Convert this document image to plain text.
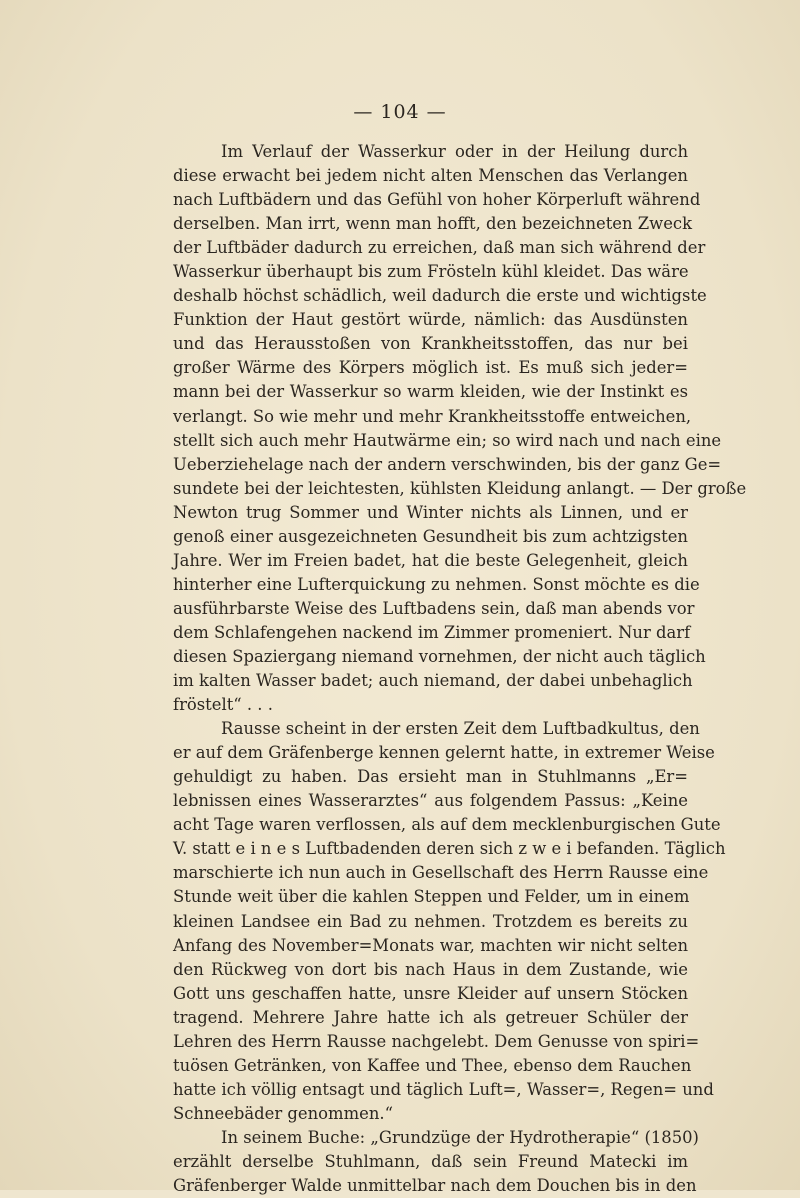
— 104 —
Im Verlauf der Wasserkur oder in der Heilung durch
diese erwacht bei jedem nicht alten Menschen das Verlangen
nach Luftbädern und das Gefühl von hoher Körperluft während
derselben. Man irrt, wenn man hofft, den bezeichneten Zweck
der Luftbäder dadurch zu erreichen, daß man sich während der
Wasserkur überhaupt bis zum Frösteln kühl kleidet. Das wäre
deshalb höchst schädlich, weil dadurch die erste und wichtigste
Funktion der Haut gestört würde, nämlich: das Ausdünsten
und das Herausstoßen von Krankheitsstoffen, das nur bei
großer Wärme des Körpers möglich ist. Es muß sich jeder=
mann bei der Wasserkur so warm kleiden, wie der Instinkt es
verlangt. So wie mehr und mehr Krankheitsstoffe entweichen,
stellt sich auch mehr Hautwärme ein; so wird nach und nach eine
Ueberziehelage nach der andern verschwinden, bis der ganz Ge=
sundete bei der leichtesten, kühlsten Kleidung anlangt. — Der große
Newton trug Sommer und Winter nichts als Linnen, und er
genoß einer ausgezeichneten Gesundheit bis zum achtzigsten
Jahre. Wer im Freien badet, hat die beste Gelegenheit, gleich
hinterher eine Lufterquickung zu nehmen. Sonst möchte es die
ausführbarste Weise des Luftbadens sein, daß man abends vor
dem Schlafengehen nackend im Zimmer promeniert. Nur darf
diesen Spaziergang niemand vornehmen, der nicht auch täglich
im kalten Wasser badet; auch niemand, der dabei unbehaglich
fröstelt“ . . .
Rausse scheint in der ersten Zeit dem Luftbadkultus, den
er auf dem Gräfenberge kennen gelernt hatte, in extremer Weise
gehuldigt zu haben. Das ersieht man in Stuhlmanns „Er=
lebnissen eines Wasserarztes“ aus folgendem Passus: „Keine
acht Tage waren verflossen, als auf dem mecklenburgischen Gute
V. statt e i n e s Luftbadenden deren sich z w e i befanden. Täglich
marschierte ich nun auch in Gesellschaft des Herrn Rausse eine
Stunde weit über die kahlen Steppen und Felder, um in einem
kleinen Landsee ein Bad zu nehmen. Trotzdem es bereits zu
Anfang des November=Monats war, machten wir nicht selten
den Rückweg von dort bis nach Haus in dem Zustande, wie
Gott uns geschaffen hatte, unsre Kleider auf unsern Stöcken
tragend. Mehrere Jahre hatte ich als getreuer Schüler der
Lehren des Herrn Rausse nachgelebt. Dem Genusse von spiri=
tuösen Getränken, von Kaffee und Thee, ebenso dem Rauchen
hatte ich völlig entsagt und täglich Luft=, Wasser=, Regen= und
Schneebäder genommen.“
In seinem Buche: „Grundzüge der Hydrotherapie“ (1850)
erzählt derselbe Stuhlmann, daß sein Freund Matecki im
Gräfenberger Walde unmittelbar nach dem Douchen bis in den
